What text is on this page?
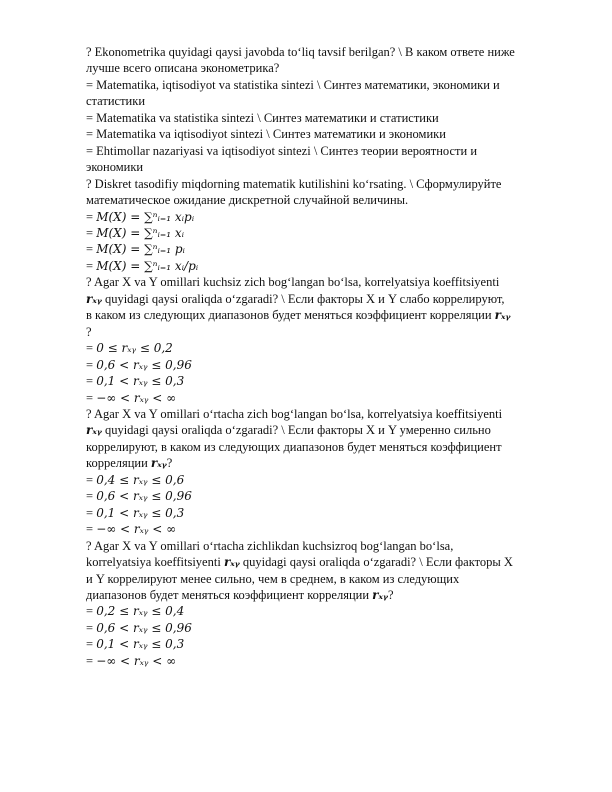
? Ekonometrika quyidagi qaysi javobda to‘liq tavsif berilgan? \ В каком ответе ниже
лучше всего описана эконометрика?
= Matematika, iqtisodiyot va statistika sintezi \ Синтез математики, экономики и
статистики
= Matematika va statistika sintezi \ Синтез математики и статистики
= Matematika va iqtisodiyot sintezi \ Синтез математики и экономики
= Ehtimollar nazariyasi va iqtisodiyot sintezi \ Синтез теории вероятности и
экономики
? Diskret tasodifiy miqdorning matematik kutilishini ko‘rsating. \ Сформулируйте
математическое ожидание дискретной случайной величины.
= M(X) = ∑ⁿᵢ₌₁ xᵢpᵢ
= M(X) = ∑ⁿᵢ₌₁ xᵢ
= M(X) = ∑ⁿᵢ₌₁ pᵢ
= M(X) = ∑ⁿᵢ₌₁ xᵢ/pᵢ
? Agar X va Y omillari kuchsiz zich bog‘langan bo‘lsa, korrelyatsiya koeffitsiyenti
rₓᵧ quyidagi qaysi oraliqda o‘zgaradi? \ Если факторы X и Y слабо коррелируют,
в каком из следующих диапазонов будет меняться коэффициент корреляции rₓᵧ
?
= 0 ≤ rₓᵧ ≤ 0,2
= 0,6 < rₓᵧ ≤ 0,96
= 0,1 < rₓᵧ ≤ 0,3
= −∞ < rₓᵧ < ∞
? Agar X va Y omillari o‘rtacha zich bog‘langan bo‘lsa, korrelyatsiya koeffitsiyenti
rₓᵧ quyidagi qaysi oraliqda o‘zgaradi? \ Если факторы X и Y умеренно сильно
коррелируют, в каком из следующих диапазонов будет меняться коэффициент
корреляции rₓᵧ?
= 0,4 ≤ rₓᵧ ≤ 0,6
= 0,6 < rₓᵧ ≤ 0,96
= 0,1 < rₓᵧ ≤ 0,3
= −∞ < rₓᵧ < ∞
? Agar X va Y omillari o‘rtacha zichlikdan kuchsizroq bog‘langan bo‘lsa,
korrelyatsiya koeffitsiyenti rₓᵧ quyidagi qaysi oraliqda o‘zgaradi? \ Если факторы X
и Y коррелируют менее сильно, чем в среднем, в каком из следующих
диапазонов будет меняться коэффициент корреляции rₓᵧ?
= 0,2 ≤ rₓᵧ ≤ 0,4
= 0,6 < rₓᵧ ≤ 0,96
= 0,1 < rₓᵧ ≤ 0,3
= −∞ < rₓᵧ < ∞
